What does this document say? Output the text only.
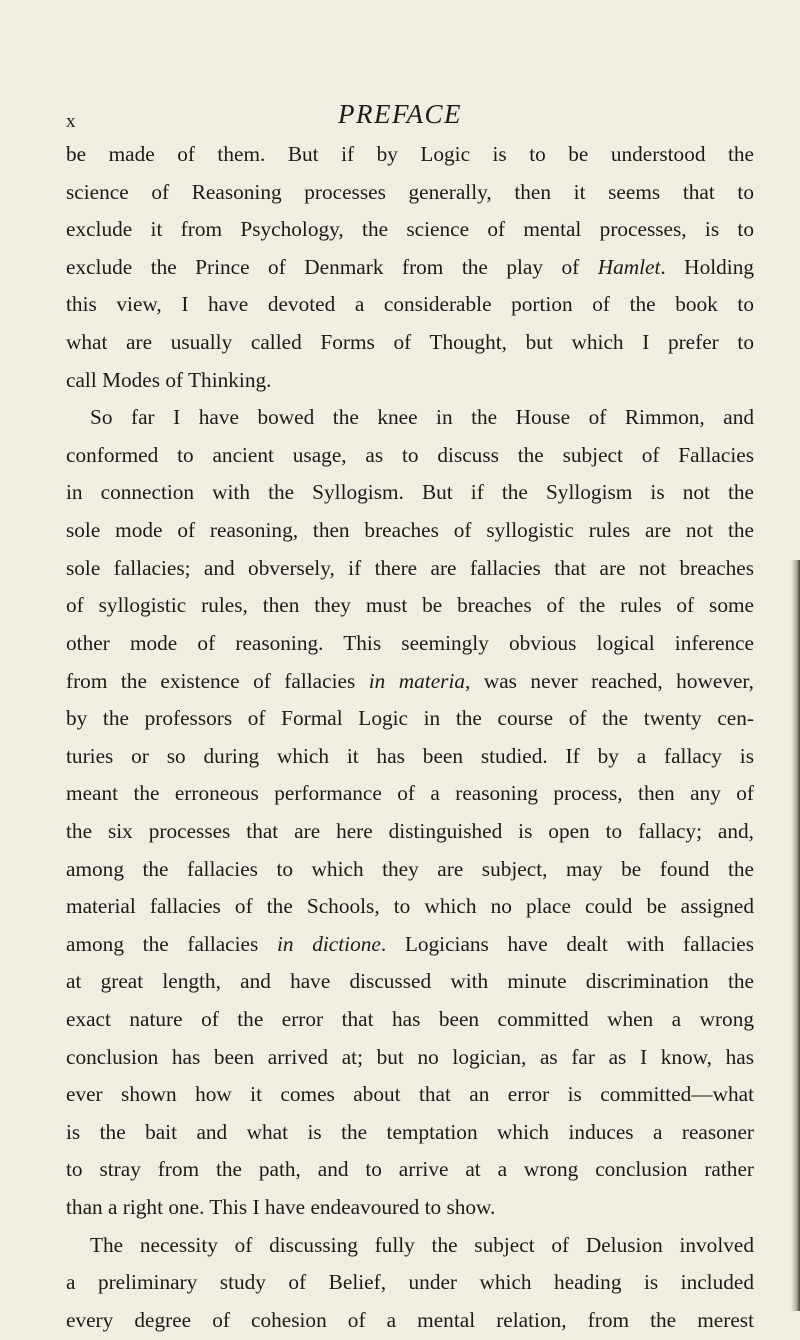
x	PREFACE
be made of them. But if by Logic is to be understood the
science of Reasoning processes generally, then it seems that to
exclude it from Psychology, the science of mental processes, is to
exclude the Prince of Denmark from the play of Hamlet. Holding
this view, I have devoted a considerable portion of the book to
what are usually called Forms of Thought, but which I prefer to
call Modes of Thinking.
So far I have bowed the knee in the House of Rimmon, and
conformed to ancient usage, as to discuss the subject of Fallacies
in connection with the Syllogism. But if the Syllogism is not the
sole mode of reasoning, then breaches of syllogistic rules are not the
sole fallacies; and obversely, if there are fallacies that are not breaches
of syllogistic rules, then they must be breaches of the rules of some
other mode of reasoning. This seemingly obvious logical inference
from the existence of fallacies in materia, was never reached, however,
by the professors of Formal Logic in the course of the twenty cen-
turies or so during which it has been studied. If by a fallacy is
meant the erroneous performance of a reasoning process, then any of
the six processes that are here distinguished is open to fallacy; and,
among the fallacies to which they are subject, may be found the
material fallacies of the Schools, to which no place could be assigned
among the fallacies in dictione. Logicians have dealt with fallacies
at great length, and have discussed with minute discrimination the
exact nature of the error that has been committed when a wrong
conclusion has been arrived at; but no logician, as far as I know, has
ever shown how it comes about that an error is committed—what
is the bait and what is the temptation which induces a reasoner
to stray from the path, and to arrive at a wrong conclusion rather
than a right one. This I have endeavoured to show.
The necessity of discussing fully the subject of Delusion involved
a preliminary study of Belief, under which heading is included
every degree of cohesion of a mental relation, from the merest
